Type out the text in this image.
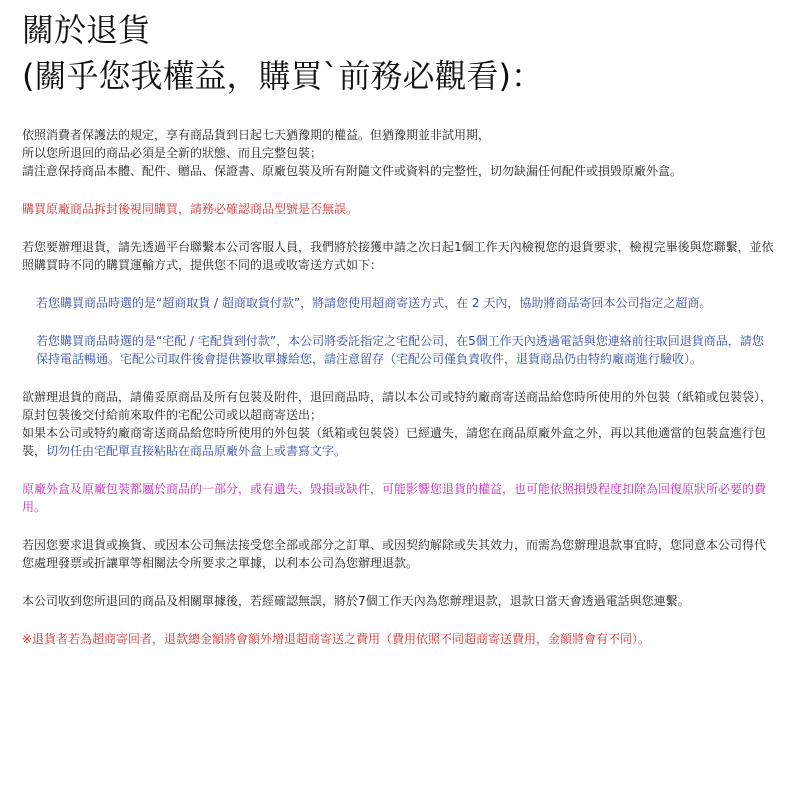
關於退貨
(關乎您我權益，購買`前務必觀看)：

依照消費者保護法的規定，享有商品貨到日起七天猶豫期的權益。但猶豫期並非試用期，
所以您所退回的商品必須是全新的狀態、而且完整包裝；
請注意保持商品本體、配件、贈品、保證書、原廠包裝及所有附隨文件或資料的完整性，切勿缺漏任何配件或損毀原廠外盒。

購買原廠商品拆封後視同購買，請務必確認商品型號是否無誤。

若您要辦理退貨，請先透過平台聯繫本公司客服人員，我們將於接獲申請之次日起1個工作天內檢視您的退貨要求，檢視完畢後與您聯繫，並依照購買時不同的購買運輸方式，提供您不同的退或收寄送方式如下：

若您購買商品時選的是“超商取貨 / 超商取貨付款”，將請您使用超商寄送方式，在 2 天內，協助將商品寄回本公司指定之超商。

若您購買商品時選的是“宅配 / 宅配貨到付款”，本公司將委託指定之宅配公司，在5個工作天內透過電話與您連絡前往取回退貨商品，請您保持電話暢通。宅配公司取件後會提供簽收單據給您，請注意留存（宅配公司僅負責收件，退貨商品仍由特約廠商進行驗收）。

欲辦理退貨的商品，請備妥原商品及所有包裝及附件，退回商品時，請以本公司或特約廠商寄送商品給您時所使用的外包裝（紙箱或包裝袋），原封包裝後交付給前來取件的宅配公司或以超商寄送出；
如果本公司或特約廠商寄送商品給您時所使用的外包裝（紙箱或包裝袋）已經遺失，請您在商品原廠外盒之外，再以其他適當的包裝盒進行包裝，切勿任由宅配單直接粘貼在商品原廠外盒上或書寫文字。

原廠外盒及原廠包裝都屬於商品的一部分，或有遺失、毀損或缺件，可能影響您退貨的權益，也可能依照損毀程度扣除為回復原狀所必要的費用。

若因您要求退貨或換貨、或因本公司無法接受您全部或部分之訂單、或因契約解除或失其效力，而需為您辦理退款事宜時，您同意本公司得代您處理發票或折讓單等相關法令所要求之單據，以利本公司為您辦理退款。

本公司收到您所退回的商品及相關單據後，若經確認無誤，將於7個工作天內為您辦理退款，退款日當天會透過電話與您連繫。

※退貨者若為超商寄回者，退款總金額將會額外增退超商寄送之費用（費用依照不同超商寄送費用，金額將會有不同）。
